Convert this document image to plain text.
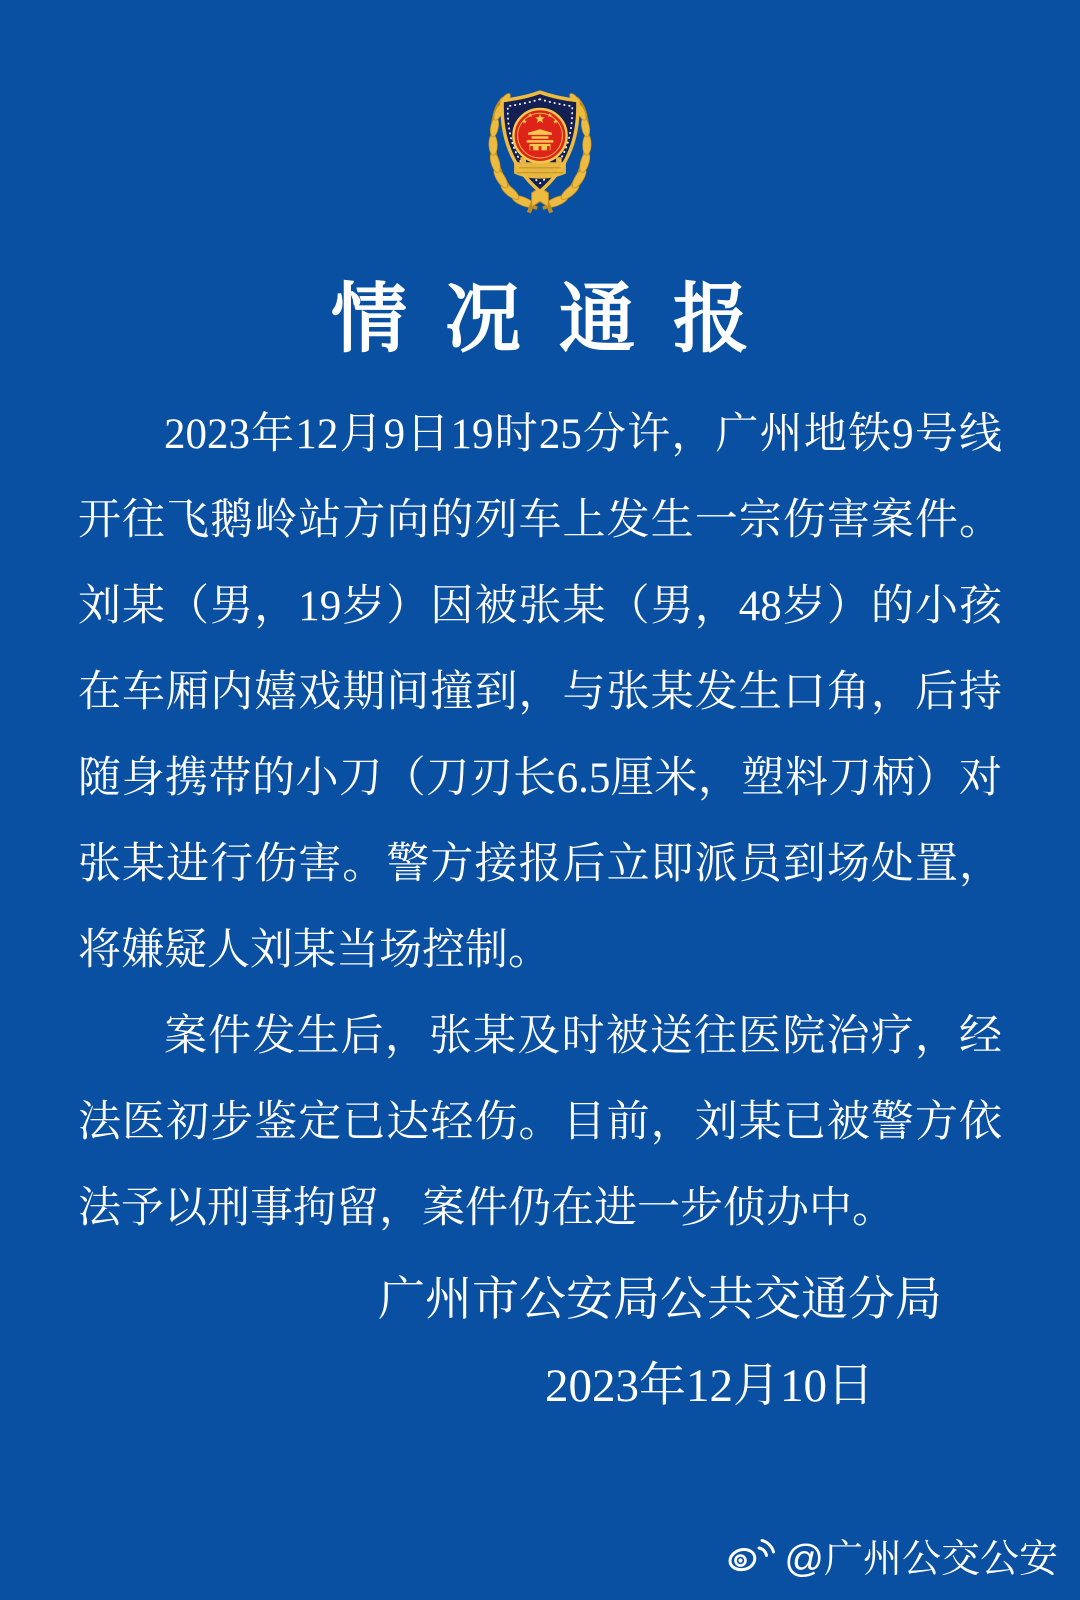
情况通报

2023年12月9日19时25分许，广州地铁9号线开往飞鹅岭站方向的列车上发生一宗伤害案件。刘某（男，19岁）因被张某（男，48岁）的小孩在车厢内嬉戏期间撞到，与张某发生口角，后持随身携带的小刀（刀刃长6.5厘米，塑料刀柄）对张某进行伤害。警方接报后立即派员到场处置，将嫌疑人刘某当场控制。

案件发生后，张某及时被送往医院治疗，经法医初步鉴定已达轻伤。目前，刘某已被警方依法予以刑事拘留，案件仍在进一步侦办中。

广州市公安局公共交通分局
2023年12月10日
@广州公交公安
